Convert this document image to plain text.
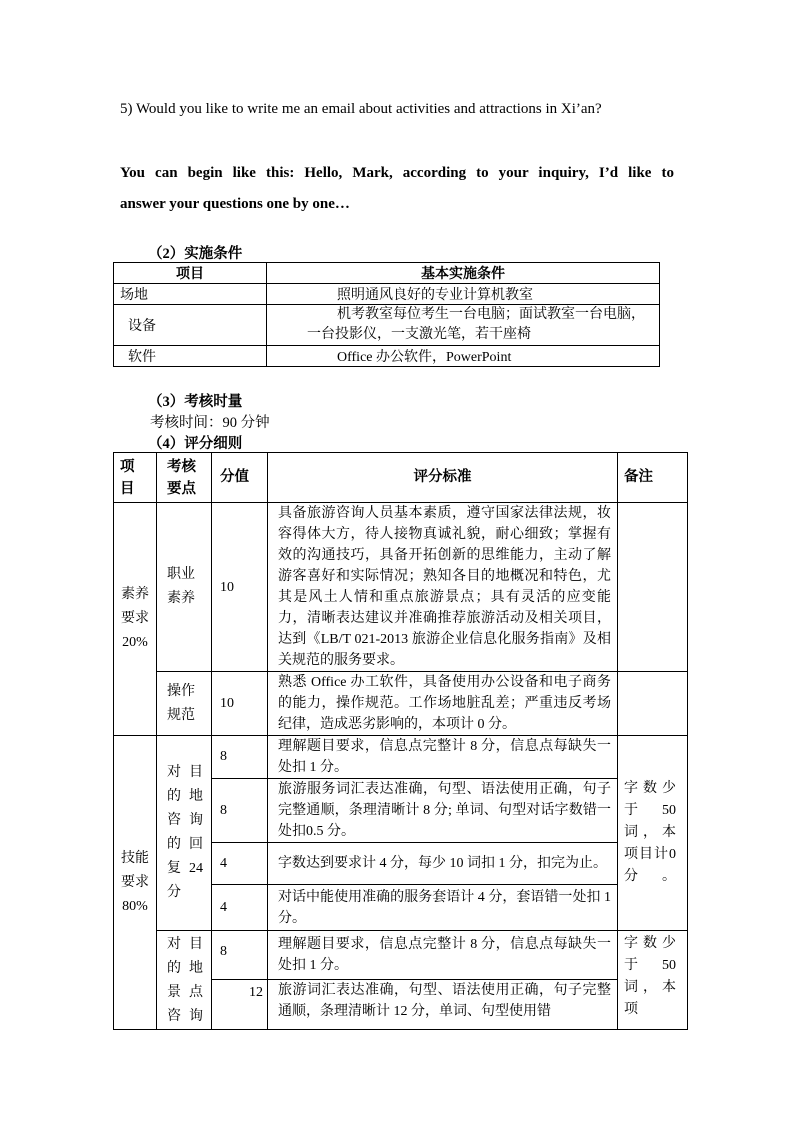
5) Would you like to write me an email about activities and attractions in Xi’an?
You can begin like this: Hello, Mark, according to your inquiry, I’d like to
answer your questions one by one…
（2）实施条件
项目	基本实施条件
场地	照明通风良好的专业计算机教室
设备	机考教室每位考生一台电脑；面试教室一台电脑，一台投影仪，一支激光笔，若干座椅
软件	Office 办公软件，PowerPoint
（3）考核时量
考核时间：90 分钟
（4）评分细则
项目	考核要点	分值	评分标准	备注

素养要求20%	职业素养	10	具备旅游咨询人员基本素质，遵守国家法律法规，妆容得体大方，待人接物真诚礼貌，耐心细致；掌握有效的沟通技巧，具备开拓创新的思维能力，主动了解游客喜好和实际情况；熟知各目的地概况和特色，尤其是风土人情和重点旅游景点；具有灵活的应变能力，清晰表达建议并准确推荐旅游活动及相关项目，达到《LB/T 021-2013 旅游企业信息化服务指南》及相关规范的服务要求。	

	操作规范	10	熟悉 Office 办工软件，具备使用办公设备和电子商务的能力，操作规范。工作场地脏乱差；严重违反考场纪律，造成恶劣影响的，本项计 0 分。	

技能要求80%	对目的地咨询的回复24分	8	理解题目要求，信息点完整计 8 分，信息点每缺失一处扣 1 分。	字数少于50词，本项目计0分。

		8	旅游服务词汇表达准确，句型、语法使用正确，句子完整通顺，条理清晰计 8 分; 单词、句型对话字数错一处扣0.5 分。	
		4	字数达到要求计 4 分，每少 10 词扣 1 分，扣完为止。	
		4	对话中能使用准确的服务套语计 4 分，套语错一处扣 1 分。	

	对目的地景点咨询	8	理解题目要求，信息点完整计 8 分，信息点每缺失一处扣 1 分。	字数少于50词，本项

		12	旅游词汇表达准确，句型、语法使用正确，句子完整通顺，条理清晰计 12 分，单词、句型使用错	
